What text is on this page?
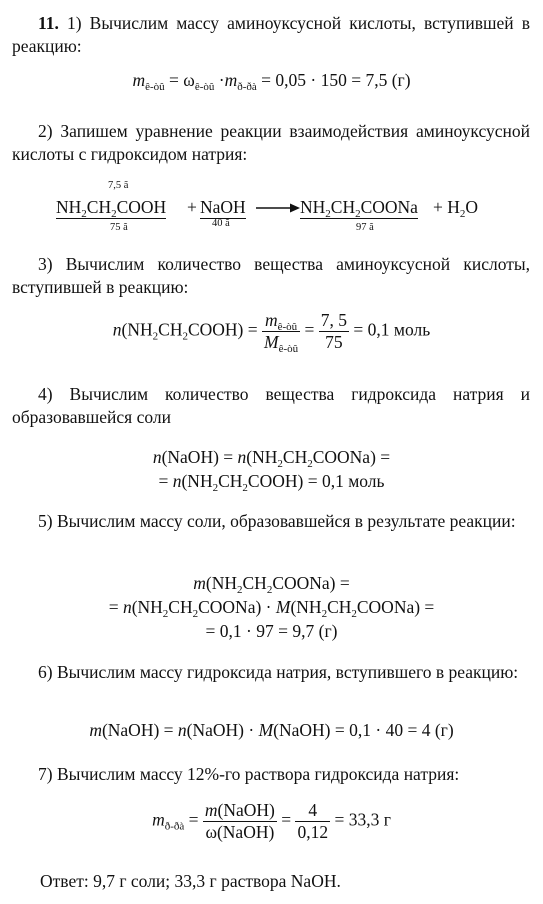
11. 1) Вычислим массу аминоуксусной кислоты, вступившей в реакцию:
$m_{ê-òû} = \omega_{ê-òû} \cdot m_{ð-ðà} = 0,05 \cdot 150 = 7,5$ (г)
2) Запишем уравнение реакции взаимодействия аминоуксусной кислоты с гидроксидом натрия:
7,5 ã
$NH_2CH_2COOH$ + NaOH
75 ã	40 ã
→ $NH_2CH_2COONa + H_2O$
97 ã
3) Вычислим количество вещества аминоуксусной кислоты, вступившей в реакцию:
$n(NH_2CH_2COOH) = \frac{m_{ê-òû}}{M_{ê-òû}} = \frac{7, 5}{75} = 0,1$ моль
4) Вычислим количество вещества гидроксида натрия и образовавшейся соли
n(NaOH) = $n(NH_2CH_2COONa)$ =
= $n(NH_2CH_2COOH) = 0,1$ моль
5) Вычислим массу соли, образовавшейся в результате реакции:
$m(NH_2CH_2COONa)$ =
= $n(NH_2CH_2COONa)$ · $M(NH_2CH_2COONa)$ =
= 0,1 · 97 = 9,7 (г)
6) Вычислим массу гидроксида натрия, вступившего в реакцию:
m(NaOH) = n(NaOH) · M(NaOH) = 0,1 · 40 = 4 (г)
7) Вычислим массу 12%-го раствора гидроксида натрия:
$m_{ð-ðà} = \frac{\text{m(NaOH)}}{\text{ω(NaOH)}} = \frac{4}{0,12} = 33,3$ г
Ответ: 9,7 г соли; 33,3 г раствора NaOH.
